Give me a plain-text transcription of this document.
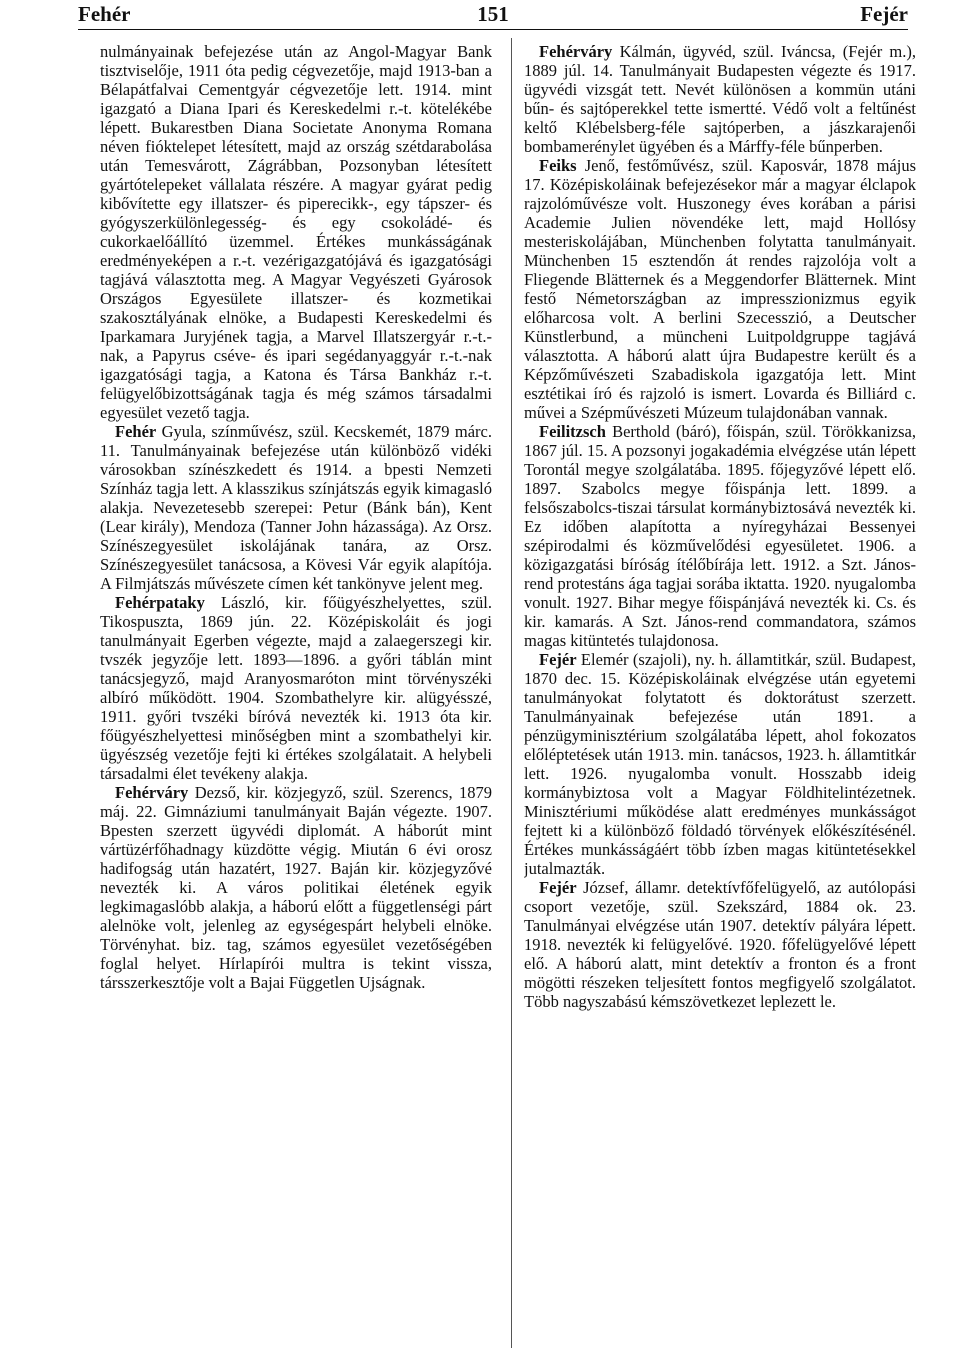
Fehér	151	Fejér

nulmányainak befejezése után az Angol-Magyar Bank tisztviselője, 1911 óta pedig cégvezetője, majd 1913-ban a Bélapátfalvai Cementgyár cégvezetője lett. 1914. mint igazgató a Diana Ipari és Kereskedelmi r.-t. kötelékébe lépett. Bukarestben Diana Societate Anonyma Romana néven fióktelepet létesített, majd az ország szétdarabolása után Temesvárott, Zágrábban, Pozsonyban létesített gyártótelepeket vállalata részére. A magyar gyárat pedig kibővítette egy illatszer- és piperecikk-, egy tápszer- és gyógyszerkülönlegesség- és egy csokoládé- és cukorkaelőállító üzemmel. Értékes munkásságának eredményeképen a r.-t. vezérigazgatójává és igazgatósági tagjává választotta meg. A Magyar Vegyészeti Gyárosok Országos Egyesülete illatszer- és kozmetikai szakosztályának elnöke, a Budapesti Kereskedelmi és Iparkamara Juryjének tagja, a Marvel Illatszergyár r.-t.-nak, a Papyrus cséve- és ipari segédanyaggyár r.-t.-nak igazgatósági tagja, a Katona és Társa Bankház r.-t. felügyelőbizottságának tagja és még számos társadalmi egyesület vezető tagja.

Fehér Gyula, színművész, szül. Kecskemét, 1879 márc. 11. Tanulmányainak befejezése után különböző vidéki városokban színészkedett és 1914. a bpesti Nemzeti Színház tagja lett. A klasszikus színjátszás egyik kimagasló alakja. Nevezetesebb szerepei: Petur (Bánk bán), Kent (Lear király), Mendoza (Tanner John házassága). Az Orsz. Színészegyesület iskolájának tanára, az Orsz. Színészegyesület tanácsosa, a Kövesi Vár egyik alapítója. A Filmjátszás művészete címen két tankönyve jelent meg.

Fehérpataky László, kir. főügyészhelyettes, szül. Tikospuszta, 1869 jún. 22. Középiskoláit és jogi tanulmányait Egerben végezte, majd a zalaegerszegi kir. tvszék jegyzője lett. 1893—1896. a győri táblán mint tanácsjegyző, majd Aranyosmaróton mint törvényszéki albíró működött. 1904. Szombathelyre kir. alügyésszé, 1911. győri tvszéki bíróvá nevezték ki. 1913 óta kir. főügyészhelyettesi minőségben mint a szombathelyi kir. ügyészség vezetője fejti ki értékes szolgálatait. A helybeli társadalmi élet tevékeny alakja.

Fehérváry Dezső, kir. közjegyző, szül. Szerencs, 1879 máj. 22. Gimnáziumi tanulmányait Baján végezte. 1907. Bpesten szerzett ügyvédi diplomát. A háborút mint vártüzérfőhadnagy küzdötte végig. Miután 6 évi orosz hadifogság után hazatért, 1927. Baján kir. közjegyzővé nevezték ki. A város politikai életének egyik legkimagaslóbb alakja, a háború előtt a függetlenségi párt alelnöke volt, jelenleg az egységespárt helybeli elnöke. Törvényhat. biz. tag, számos egyesület vezetőségében foglal helyet. Hírlapírói multra is tekint vissza, társszerkesztője volt a Bajai Független Ujságnak.

Fehérváry Kálmán, ügyvéd, szül. Iváncsa, (Fejér m.), 1889 júl. 14. Tanulmányait Budapesten végezte és 1917. ügyvédi vizsgát tett. Nevét különösen a kommün utáni bűn- és sajtóperekkel tette ismertté. Védő volt a feltűnést keltő Klébelsberg-féle sajtóperben, a jászkarajenői bombamerénylet ügyében és a Márffy-féle bűnperben.

Feiks Jenő, festőművész, szül. Kaposvár, 1878 május 17. Középiskoláinak befejezésekor már a magyar élclapok rajzolóművésze volt. Huszonegy éves korában a párisi Academie Julien növendéke lett, majd Hollósy mesteriskolájában, Münchenben folytatta tanulmányait. Münchenben 15 esztendőn át rendes rajzolója volt a Fliegende Blätternek és a Meggendorfer Blätternek. Mint festő Németországban az impresszionizmus egyik előharcosa volt. A berlini Szecesszió, a Deutscher Künstlerbund, a müncheni Luitpoldgruppe tagjává választotta. A háború alatt újra Budapestre került és a Képzőművészeti Szabadiskola igazgatója lett. Mint esztétikai író és rajzoló is ismert. Lovarda és Billiárd c. művei a Szépművészeti Múzeum tulajdonában vannak.

Feilitzsch Berthold (báró), főispán, szül. Törökkanizsa, 1867 júl. 15. A pozsonyi jogakadémia elvégzése után lépett Torontál megye szolgálatába. 1895. főjegyzővé lépett elő. 1897. Szabolcs megye főispánja lett. 1899. a felsőszabolcs-tiszai társulat kormánybiztosává nevezték ki. Ez időben alapította a nyíregyházai Bessenyei szépirodalmi és közművelődési egyesületet. 1906. a közigazgatási bíróság ítélőbírája lett. 1912. a Szt. János-rend protestáns ága tagjai sorába iktatta. 1920. nyugalomba vonult. 1927. Bihar megye főispánjává nevezték ki. Cs. és kir. kamarás. A Szt. János-rend commandatora, számos magas kitüntetés tulajdonosa.

Fejér Elemér (szajoli), ny. h. államtitkár, szül. Budapest, 1870 dec. 15. Középiskoláinak elvégzése után egyetemi tanulmányokat folytatott és doktorátust szerzett. Tanulmányainak befejezése után 1891. a pénzügyminisztérium szolgálatába lépett, ahol fokozatos előléptetések után 1913. min. tanácsos, 1923. h. államtitkár lett. 1926. nyugalomba vonult. Hosszabb ideig kormánybiztosa volt a Magyar Földhitelintézetnek. Minisztériumi működése alatt eredményes munkásságot fejtett ki a különböző földadó törvények előkészítésénél. Értékes munkásságáért több ízben magas kitüntetésekkel jutalmazták.

Fejér József, államr. detektívfőfelügyelő, az autólopási csoport vezetője, szül. Szekszárd, 1884 ok. 23. Tanulmányai elvégzése után 1907. detektív pályára lépett. 1918. nevezték ki felügyelővé. 1920. főfelügyelővé lépett elő. A háború alatt, mint detektív a fronton és a front mögötti részeken teljesített fontos megfigyelő szolgálatot. Több nagyszabású kémszövetkezet leplezett le.
